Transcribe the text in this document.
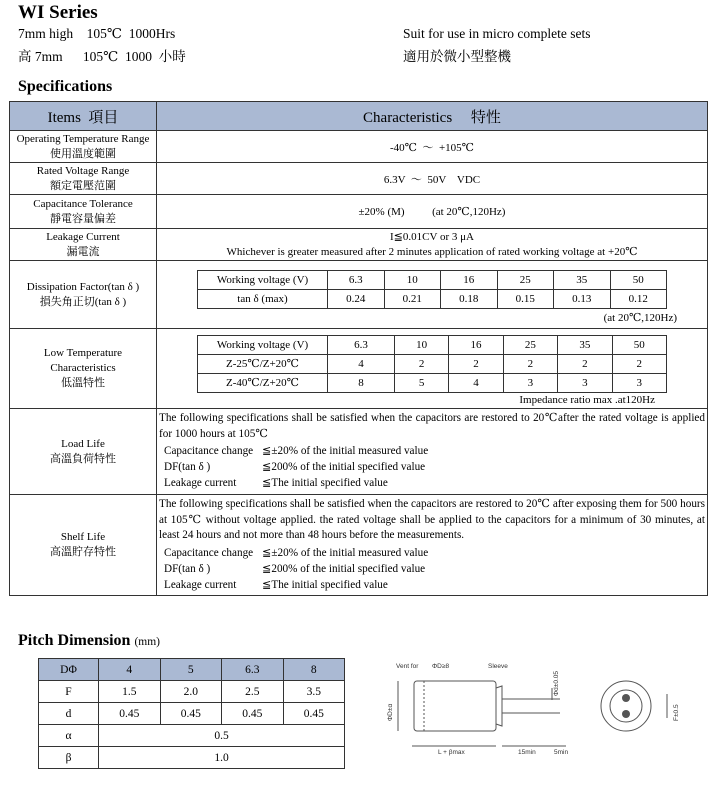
WI Series
7mm high    105℃  1000Hrs
高 7mm      105℃  1000  小時
Suit for use in micro complete sets
適用於微小型整機
Specifications
Items  項目	Characteristics     特性

Operating Temperature Range
使用溫度範圍	-40℃  ～  +105℃

Rated Voltage Range
額定電壓范圍	6.3V  ～  50V    VDC

Capacitance Tolerance
靜電容量偏差
	±20% (M)          (at 20℃,120Hz)

Leakage Current
漏電流

I≦0.01CV or 3 μA
Whichever is greater measured after 2 minutes application of rated working voltage at +20℃

Dissipation Factor(tan δ )
損失角正切(tan δ )

Working voltage (V)	6.3	10	16	25	35	50
tan δ (max)	0.24	0.21	0.18	0.15	0.13	0.12
(at 20℃,120Hz)

Low Temperature
Characteristics
低溫特性

Working voltage (V)	6.3	10	16	25	35	50
Z-25℃/Z+20℃	4	2	2	2	2	2
Z-40℃/Z+20℃	8	5	4	3	3	3
Impedance ratio max .at120Hz

Load Life
高溫負荷特性

The following specifications shall be satisfied when the capacitors are restored to 20℃after the rated voltage is applied for 1000 hours at 105℃
Capacitance change ≦±20% of the initial measured value
DF(tan δ )	≦200% of the initial specified value
Leakage current	≦The initial specified value

Shelf Life
高溫貯存特性

The following specifications shall be satisfied when the capacitors are restored to 20℃ after exposing them for 500 hours at 105℃ without voltage applied. the rated voltage shall be applied to the capacitors for a minimum of 30 minutes, at least 24 hours and not more than 48 hours before the measurements.
Capacitance change ≦±20% of the initial measured value
DF(tan δ )	≦200% of the initial specified value
Leakage current	≦The initial specified value
Pitch Dimension (mm)
DΦ	4	5	6.3	8
F	1.5	2.0	2.5	3.5
d	0.45	0.45	0.45	0.45
α	0.5			
β	1.0			
Vent for ΦD≥8	Sleeve
L + βmax	15min	5min
ΦD±α
Φd±0.05
F±0.5
